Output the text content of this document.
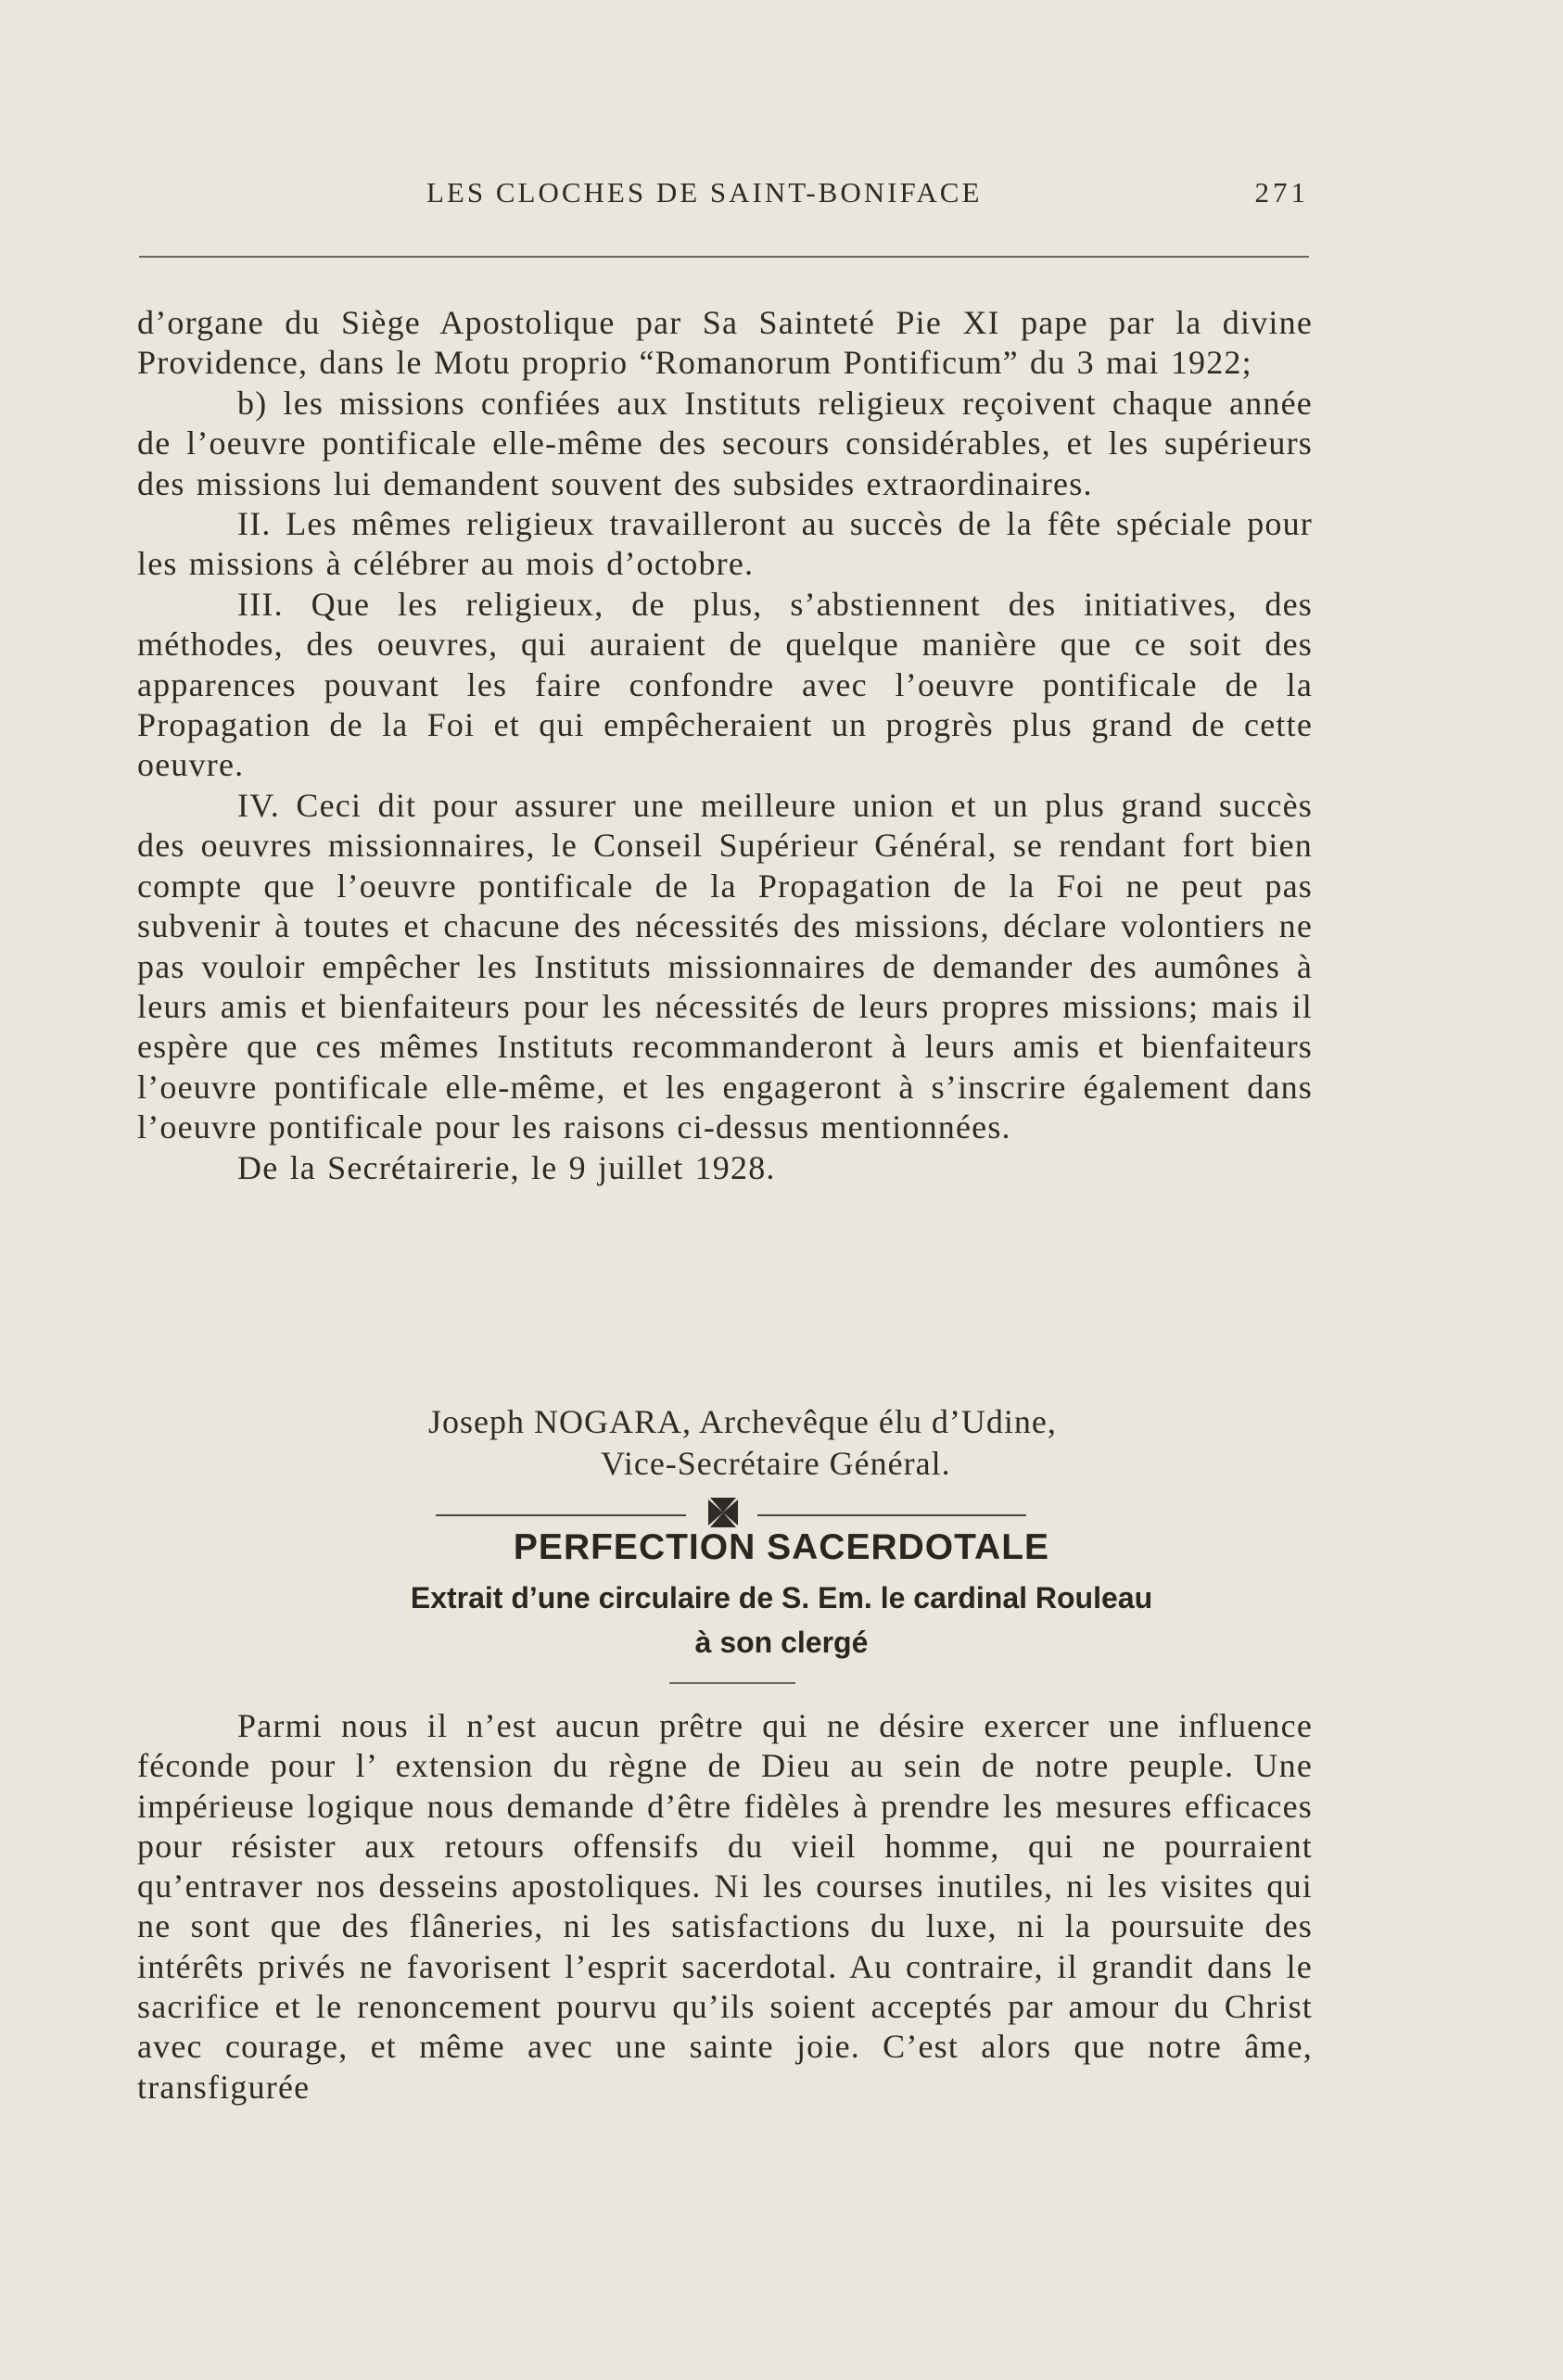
LES CLOCHES DE SAINT-BONIFACE	271

d’organe du Siège Apostolique par Sa Sainteté Pie XI pape par la divine Providence, dans le Motu proprio “Romanorum Pontificum” du 3 mai 1922;

b) les missions confiées aux Instituts religieux reçoivent chaque année de l’oeuvre pontificale elle-même des secours considérables, et les supérieurs des missions lui demandent souvent des subsides extraordinaires.

II. Les mêmes religieux travailleront au succès de la fête spéciale pour les missions à célébrer au mois d’octobre.

III. Que les religieux, de plus, s’abstiennent des initiatives, des méthodes, des oeuvres, qui auraient de quelque manière que ce soit des apparences pouvant les faire confondre avec l’oeuvre pontificale de la Propagation de la Foi et qui empêcheraient un progrès plus grand de cette oeuvre.

IV. Ceci dit pour assurer une meilleure union et un plus grand succès des oeuvres missionnaires, le Conseil Supérieur Général, se rendant fort bien compte que l’oeuvre pontificale de la Propagation de la Foi ne peut pas subvenir à toutes et chacune des nécessités des missions, déclare volontiers ne pas vouloir empêcher les Instituts missionnaires de demander des aumônes à leurs amis et bienfaiteurs pour les nécessités de leurs propres missions; mais il espère que ces mêmes Instituts recommanderont à leurs amis et bienfaiteurs l’oeuvre pontificale elle-même, et les engageront à s’inscrire également dans l’oeuvre pontificale pour les raisons ci-dessus mentionnées.

De la Secrétairerie, le 9 juillet 1928.

Joseph NOGARA, Archevêque élu d’Udine,
Vice-Secrétaire Général.
PERFECTION SACERDOTALE
Extrait d’une circulaire de S. Em. le cardinal Rouleau
à son clergé

Parmi nous il n’est aucun prêtre qui ne désire exercer une influence féconde pour l’ extension du règne de Dieu au sein de notre peuple. Une impérieuse logique nous demande d’être fidèles à prendre les mesures efficaces pour résister aux retours offensifs du vieil homme, qui ne pourraient qu’entraver nos desseins apostoliques. Ni les courses inutiles, ni les visites qui ne sont que des flâneries, ni les satisfactions du luxe, ni la poursuite des intérêts privés ne favorisent l’esprit sacerdotal. Au contraire, il grandit dans le sacrifice et le renoncement pourvu qu’ils soient acceptés par amour du Christ avec courage, et même avec une sainte joie. C’est alors que notre âme, transfigurée
